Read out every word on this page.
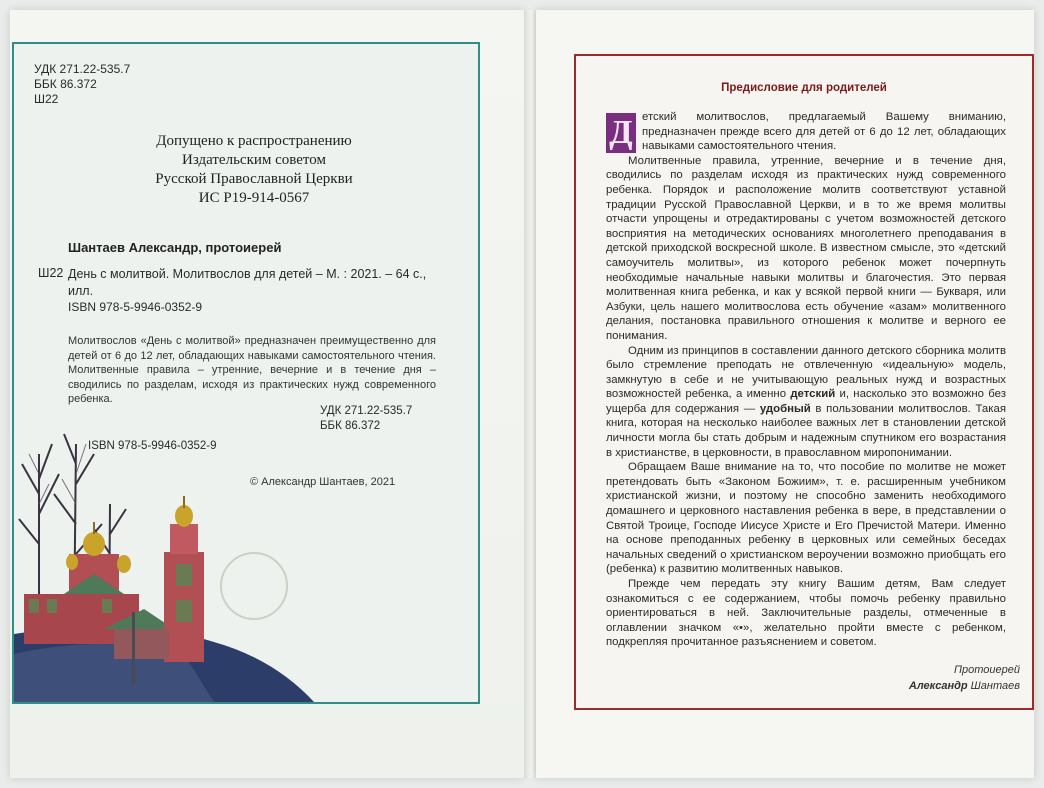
УДК 271.22-535.7
ББК 86.372
Ш22
Допущено к распространению
Издательским советом
Русской Православной Церкви
ИС Р19-914-0567
Шантаев Александр, протоиерей
Ш22 День с молитвой. Молитвослов для детей – М. : 2021. – 64 с.,
илл.
ISBN 978-5-9946-0352-9
Молитвослов «День с молитвой» предназначен преимущественно для детей от 6 до 12 лет, обладающих навыками самостоятельного чтения. Молитвенные правила – утренние, вечерние и в течение дня – сводились по разделам, исходя из практических нужд современного ребенка.
УДК 271.22-535.7
ББК 86.372
ISBN 978-5-9946-0352-9
© Александр Шантаев, 2021
Предисловие для родителей

Д етский молитвослов, предлагаемый Вашему вниманию, предназначен прежде всего для детей от 6 до 12 лет, обладающих навыками самостоятельного чтения.

Молитвенные правила, утренние, вечерние и в течение дня, сводились по разделам исходя из практических нужд современного ребенка. Порядок и расположение молитв соответствуют уставной традиции Русской Православной Церкви, и в то же время молитвы отчасти упрощены и отредактированы с учетом возможностей детского восприятия на методических основаниях многолетнего преподавания в детской приходской воскресной школе. В известном смысле, это «детский самоучитель молитвы», из которого ребенок может почерпнуть необходимые начальные навыки молитвы и благочестия. Это первая молитвенная книга ребенка, и как у всякой первой книги — Букваря, или Азбуки, цель нашего молитвослова есть обучение «азам» молитвенного делания, постановка правильного отношения к молитве и верного ее понимания.

Одним из принципов в составлении данного детского сборника молитв было стремление преподать не отвлеченную «идеальную» модель, замкнутую в себе и не учитывающую реальных нужд и возрастных возможностей ребенка, а именно детский и, насколько это возможно без ущерба для содержания — удобный в пользовании молитвослов. Такая книга, которая на несколько наиболее важных лет в становлении детской личности могла бы стать добрым и надежным спутником его возрастания в христианстве, в церковности, в православном миропонимании.

Обращаем Ваше внимание на то, что пособие по молитве не может претендовать быть «Законом Божиим», т. е. расширенным учебником христианской жизни, и поэтому не способно заменить необходимого домашнего и церковного наставления ребенка в вере, в представлении о Святой Троице, Господе Иисусе Христе и Его Пречистой Матери. Именно на основе преподанных ребенку в церковных или семейных беседах начальных сведений о христианском вероучении возможно приобщать его (ребенка) к развитию молитвенных навыков.

Прежде чем передать эту книгу Вашим детям, Вам следует ознакомиться с ее содержанием, чтобы помочь ребенку правильно ориентироваться в ней. Заключительные разделы, отмеченные в оглавлении значком «•», желательно пройти вместе с ребенком, подкрепляя прочитанное разъяснением и советом.

Протоиерей
Александр Шантаев
